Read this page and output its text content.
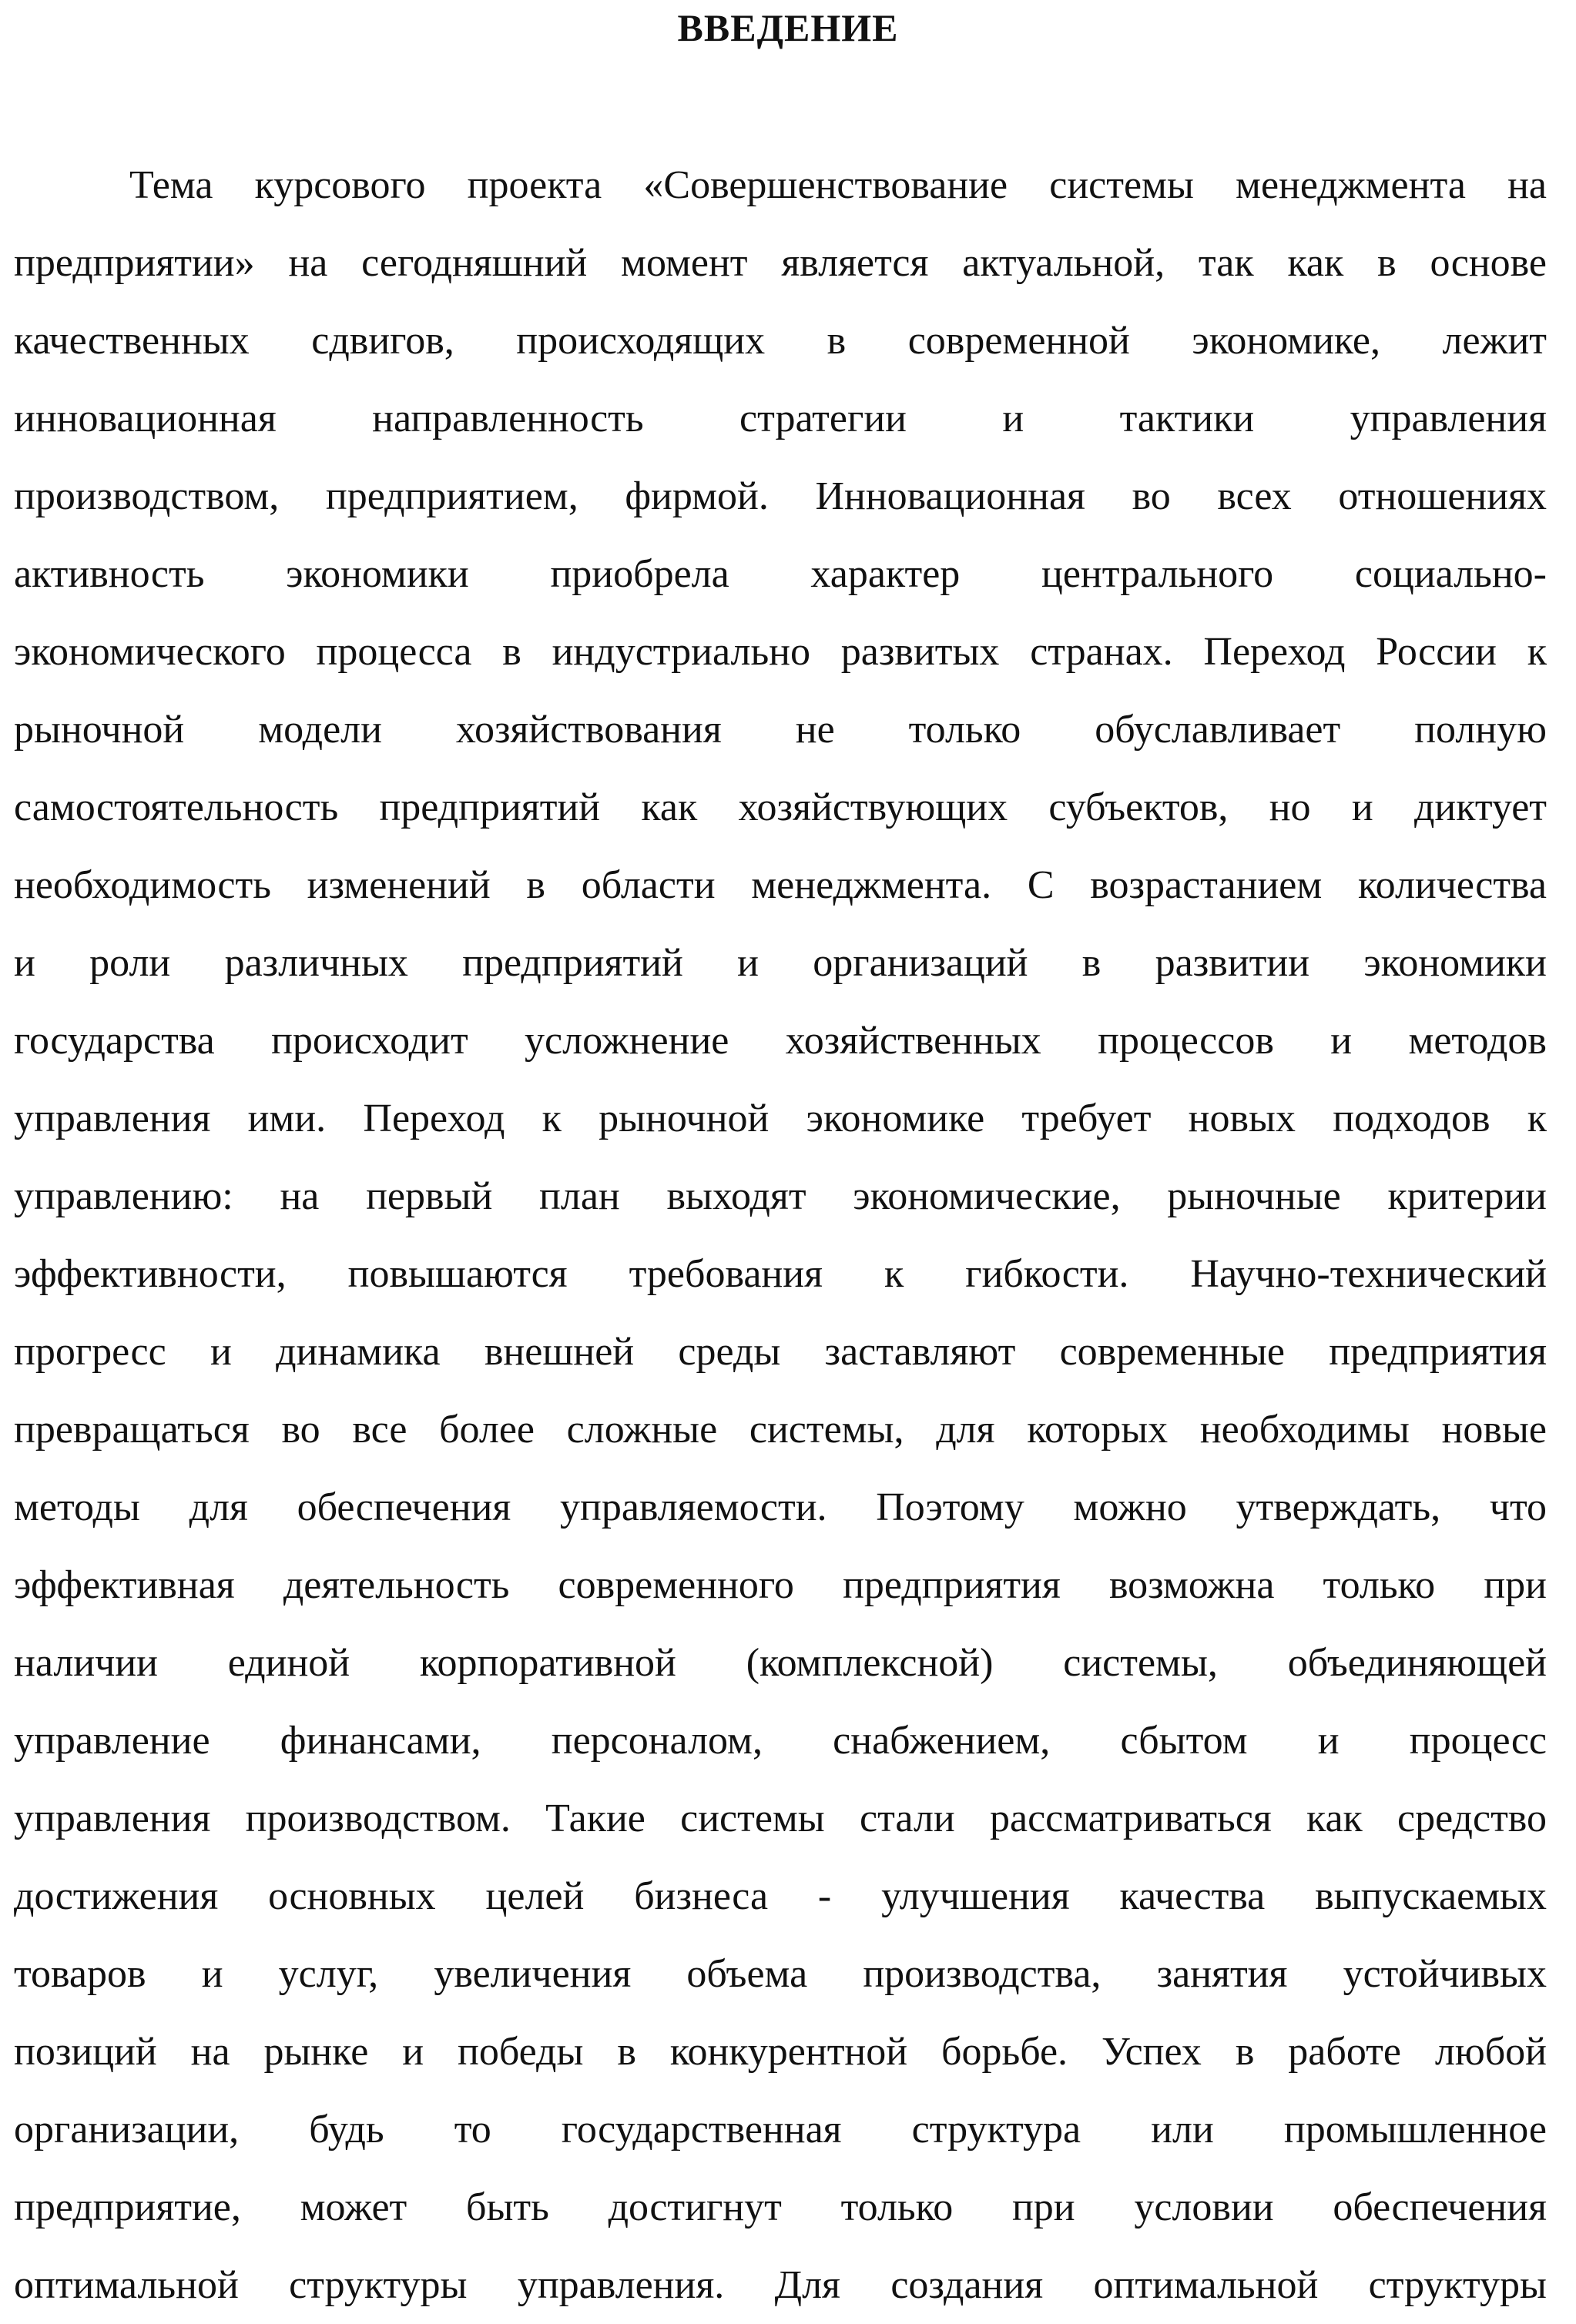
ВВЕДЕНИЕ
Тема курсового проекта «Совершенствование системы менеджмента на
предприятии» на сегодняшний момент является актуальной, так как в основе
качественных сдвигов, происходящих в современной экономике, лежит
инновационная направленность стратегии и тактики управления
производством, предприятием, фирмой. Инновационная во всех отношениях
активность экономики приобрела характер центрального социально-
экономического процесса в индустриально развитых странах. Переход России к
рыночной модели хозяйствования не только обуславливает полную
самостоятельность предприятий как хозяйствующих субъектов, но и диктует
необходимость изменений в области менеджмента. С возрастанием количества
и роли различных предприятий и организаций в развитии экономики
государства происходит усложнение хозяйственных процессов и методов
управления ими. Переход к рыночной экономике требует новых подходов к
управлению: на первый план выходят экономические, рыночные критерии
эффективности, повышаются требования к гибкости. Научно-технический
прогресс и динамика внешней среды заставляют современные предприятия
превращаться во все более сложные системы, для которых необходимы новые
методы для обеспечения управляемости. Поэтому можно утверждать, что
эффективная деятельность современного предприятия возможна только при
наличии единой корпоративной (комплексной) системы, объединяющей
управление финансами, персоналом, снабжением, сбытом и процесс
управления производством. Такие системы стали рассматриваться как средство
достижения основных целей бизнеса - улучшения качества выпускаемых
товаров и услуг, увеличения объема производства, занятия устойчивых
позиций на рынке и победы в конкурентной борьбе. Успех в работе любой
организации, будь то государственная структура или промышленное
предприятие, может быть достигнут только при условии обеспечения
оптимальной структуры управления. Для создания оптимальной структуры
